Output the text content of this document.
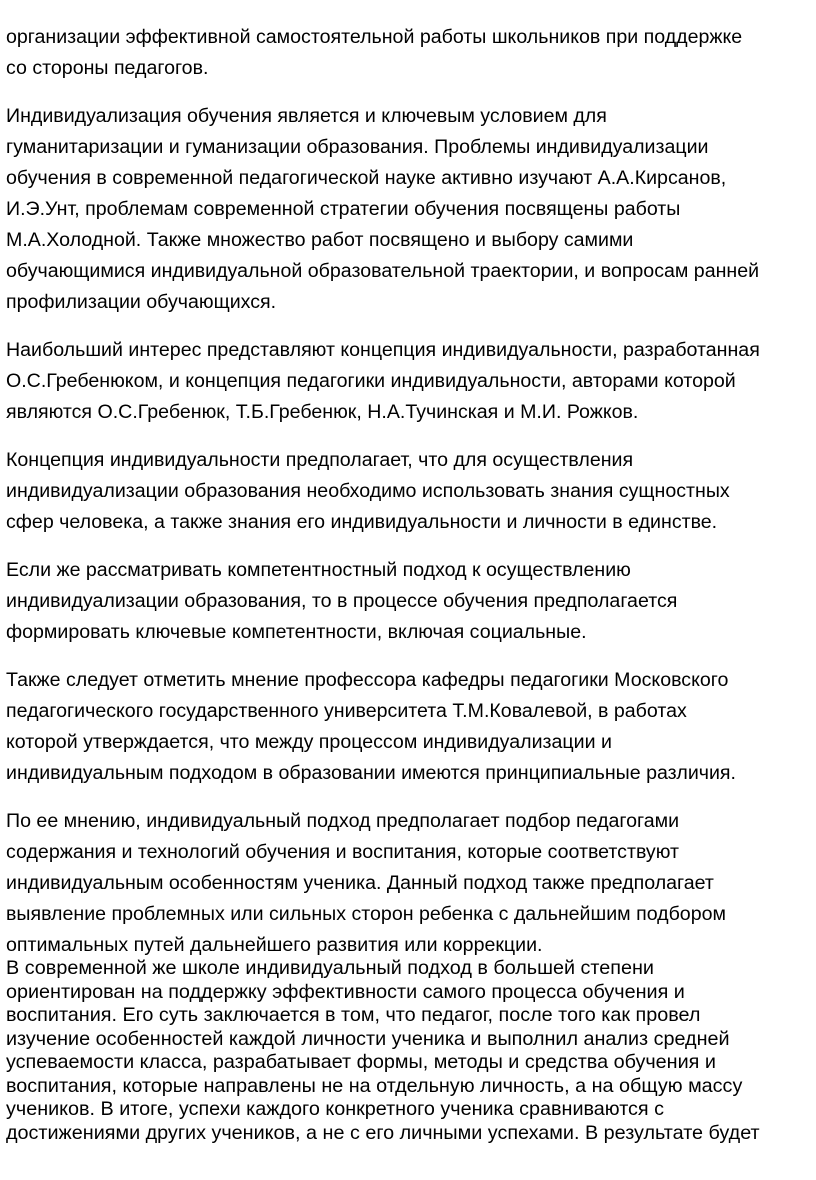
организации эффективной самостоятельной работы школьников при поддержке
со стороны педагогов.

Индивидуализация обучения является и ключевым условием для
гуманитаризации и гуманизации образования. Проблемы индивидуализации
обучения в современной педагогической науке активно изучают А.А.Кирсанов,
И.Э.Унт, проблемам современной стратегии обучения посвящены работы
М.А.Холодной. Также множество работ посвящено и выбору самими
обучающимися индивидуальной образовательной траектории, и вопросам ранней
профилизации обучающихся.

Наибольший интерес представляют концепция индивидуальности, разработанная
О.С.Гребенюком, и концепция педагогики индивидуальности, авторами которой
являются О.С.Гребенюк, Т.Б.Гребенюк, Н.А.Тучинская и М.И. Рожков.

Концепция индивидуальности предполагает, что для осуществления
индивидуализации образования необходимо использовать знания сущностных
сфер человека, а также знания его индивидуальности и личности в единстве.

Если же рассматривать компетентностный подход к осуществлению
индивидуализации образования, то в процессе обучения предполагается
формировать ключевые компетентности, включая социальные.

Также следует отметить мнение профессора кафедры педагогики Московского
педагогического государственного университета Т.М.Ковалевой, в работах
которой утверждается, что между процессом индивидуализации и
индивидуальным подходом в образовании имеются принципиальные различия.

По ее мнению, индивидуальный подход предполагает подбор педагогами
содержания и технологий обучения и воспитания, которые соответствуют
индивидуальным особенностям ученика. Данный подход также предполагает
выявление проблемных или сильных сторон ребенка с дальнейшим подбором
оптимальных путей дальнейшего развития или коррекции.

В современной же школе индивидуальный подход в большей степени
ориентирован на поддержку эффективности самого процесса обучения и
воспитания. Его суть заключается в том, что педагог, после того как провел
изучение особенностей каждой личности ученика и выполнил анализ средней
успеваемости класса, разрабатывает формы, методы и средства обучения и
воспитания, которые направлены не на отдельную личность, а на общую массу
учеников. В итоге, успехи каждого конкретного ученика сравниваются с
достижениями других учеников, а не с его личными успехами. В результате будет
